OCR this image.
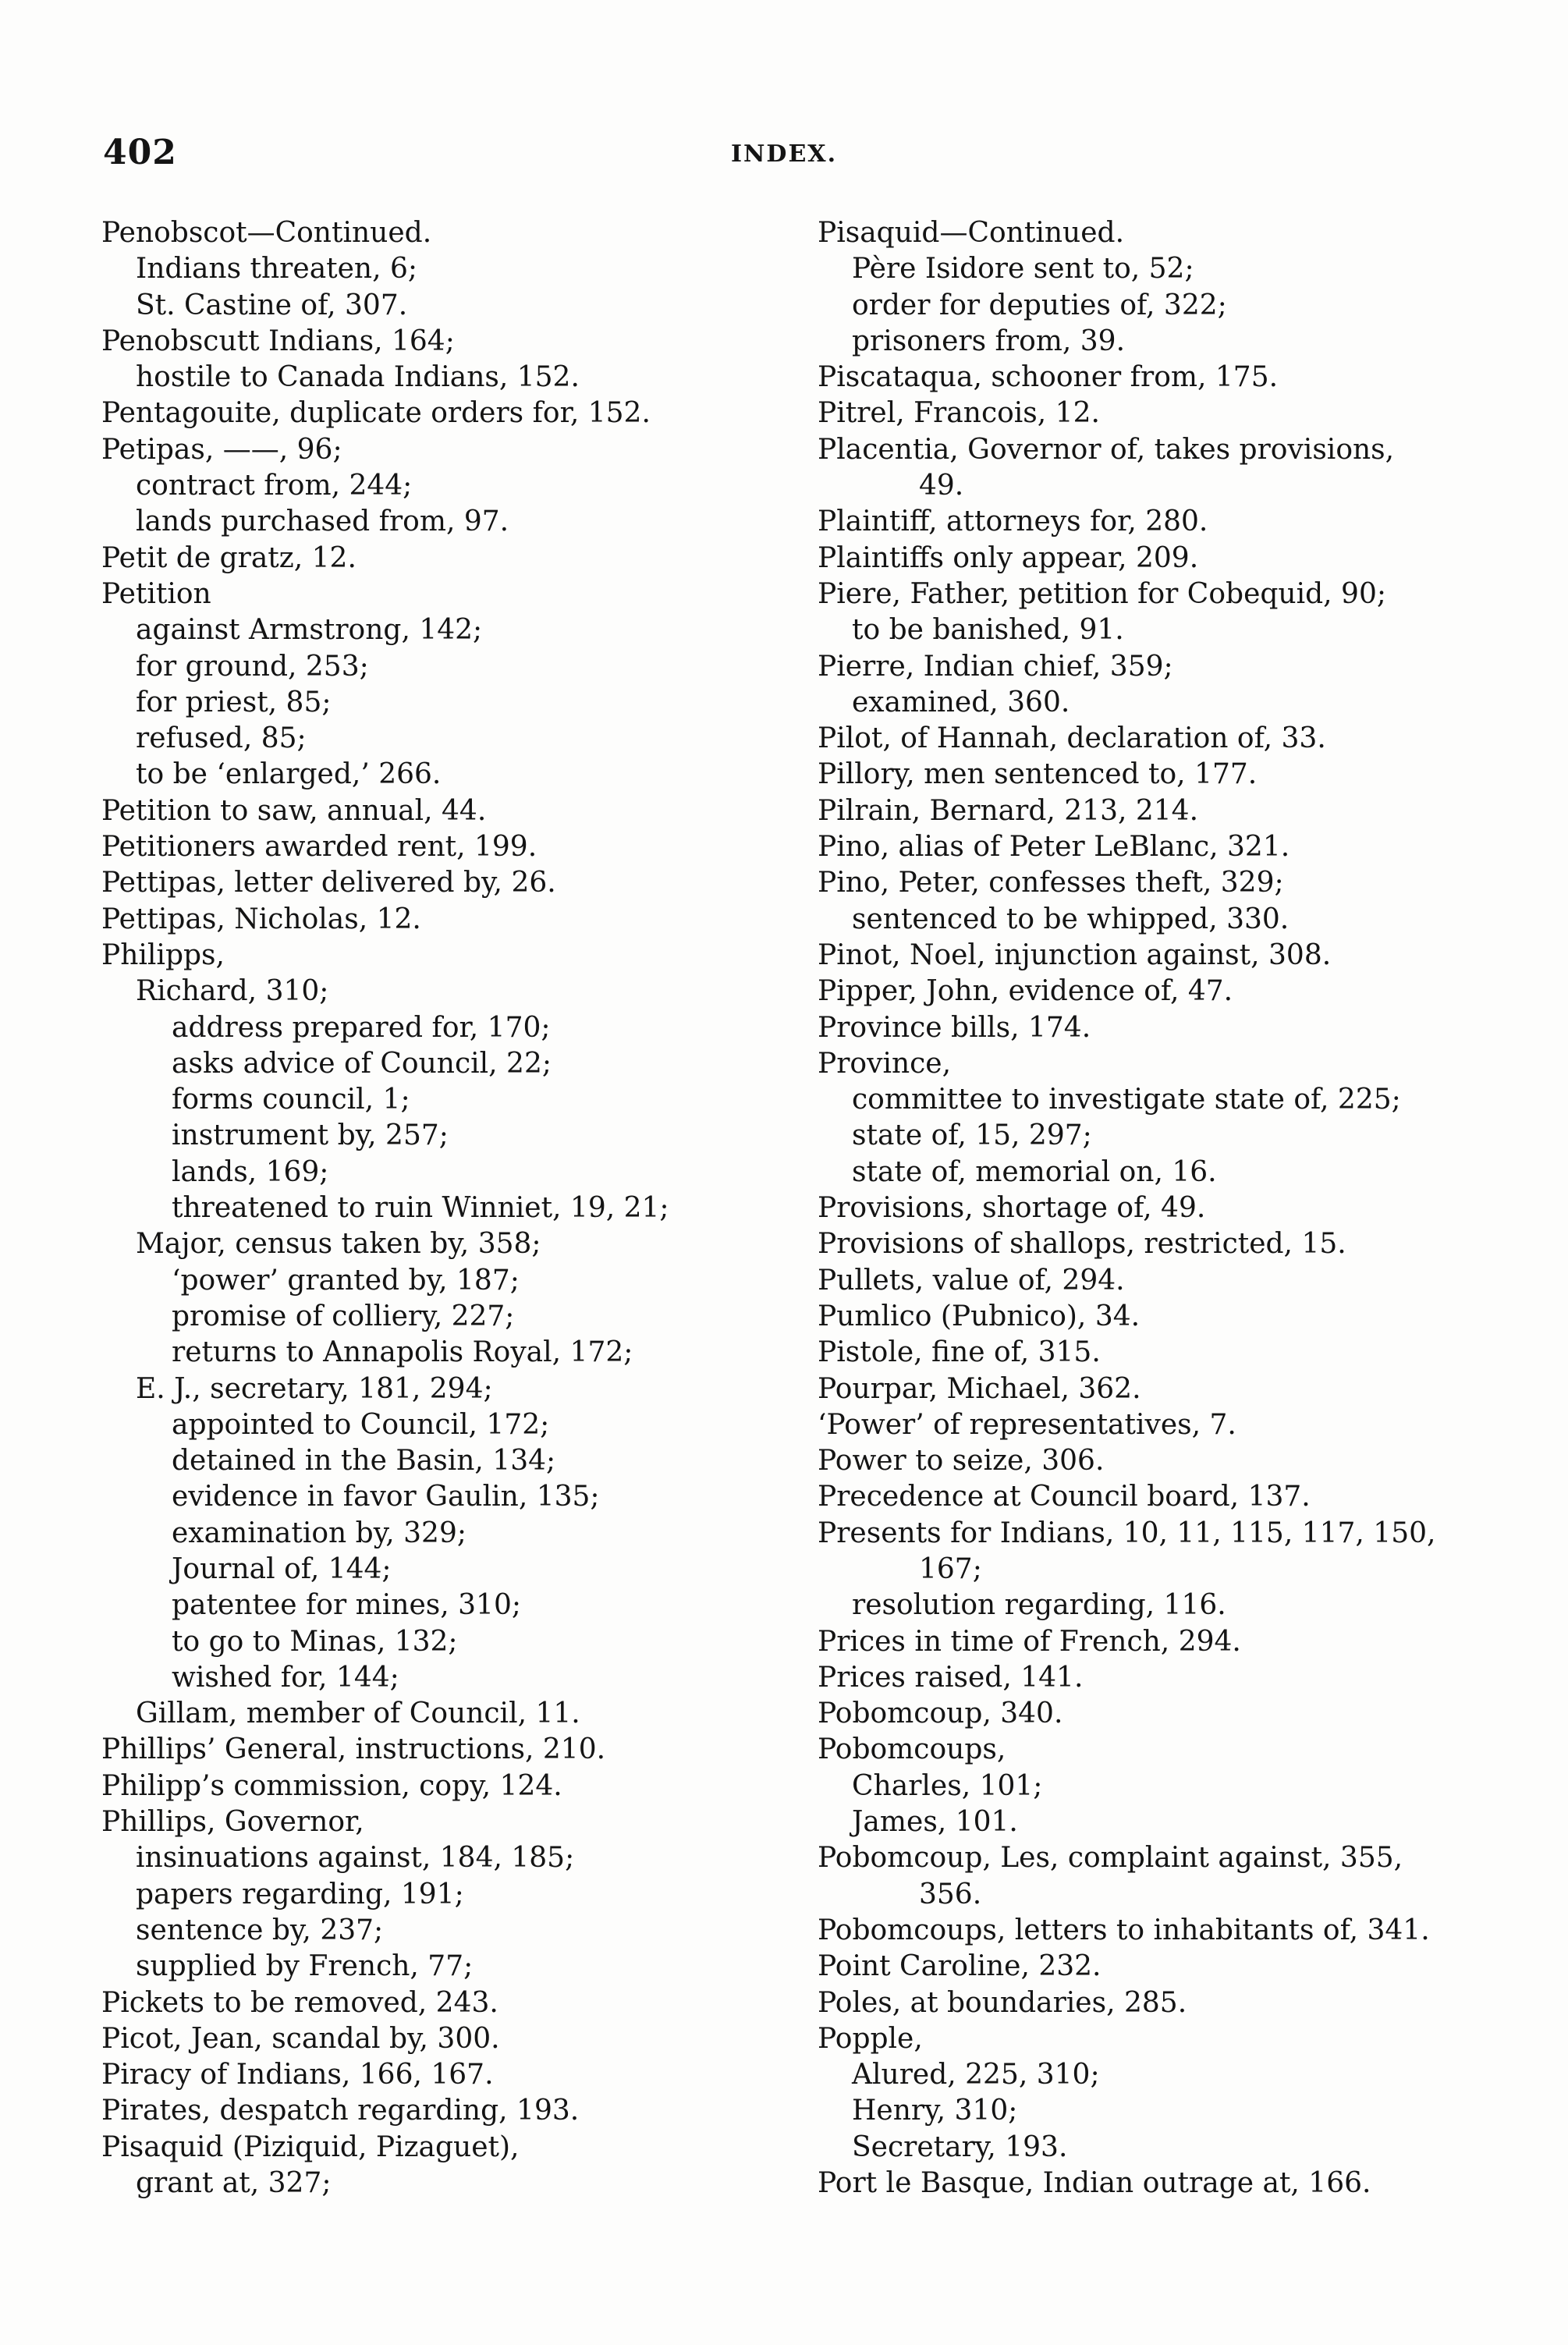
402	INDEX.
Penobscot—Continued.
Indians threaten, 6;
St. Castine of, 307.
Penobscutt Indians, 164;
hostile to Canada Indians, 152.
Pentagouite, duplicate orders for, 152.
Petipas, ——, 96;
contract from, 244;
lands purchased from, 97.
Petit de gratz, 12.
Petition
against Armstrong, 142;
for ground, 253;
for priest, 85;
refused, 85;
to be ‘enlarged,’ 266.
Petition to saw, annual, 44.
Petitioners awarded rent, 199.
Pettipas, letter delivered by, 26.
Pettipas, Nicholas, 12.
Philipps,
Richard, 310;
address prepared for, 170;
asks advice of Council, 22;
forms council, 1;
instrument by, 257;
lands, 169;
threatened to ruin Winniet, 19, 21;
Major, census taken by, 358;
‘power’ granted by, 187;
promise of colliery, 227;
returns to Annapolis Royal, 172;
E. J., secretary, 181, 294;
appointed to Council, 172;
detained in the Basin, 134;
evidence in favor Gaulin, 135;
examination by, 329;
Journal of, 144;
patentee for mines, 310;
to go to Minas, 132;
wished for, 144;
Gillam, member of Council, 11.
Phillips’ General, instructions, 210.
Philipp’s commission, copy, 124.
Phillips, Governor,
insinuations against, 184, 185;
papers regarding, 191;
sentence by, 237;
supplied by French, 77;
Pickets to be removed, 243.
Picot, Jean, scandal by, 300.
Piracy of Indians, 166, 167.
Pirates, despatch regarding, 193.
Pisaquid (Piziquid, Pizaguet),
grant at, 327;
Pisaquid—Continued.
Père Isidore sent to, 52;
order for deputies of, 322;
prisoners from, 39.
Piscataqua, schooner from, 175.
Pitrel, Francois, 12.
Placentia, Governor of, takes provisions,
49.
Plaintiff, attorneys for, 280.
Plaintiffs only appear, 209.
Piere, Father, petition for Cobequid, 90;
to be banished, 91.
Pierre, Indian chief, 359;
examined, 360.
Pilot, of Hannah, declaration of, 33.
Pillory, men sentenced to, 177.
Pilrain, Bernard, 213, 214.
Pino, alias of Peter LeBlanc, 321.
Pino, Peter, confesses theft, 329;
sentenced to be whipped, 330.
Pinot, Noel, injunction against, 308.
Pipper, John, evidence of, 47.
Province bills, 174.
Province,
committee to investigate state of, 225;
state of, 15, 297;
state of, memorial on, 16.
Provisions, shortage of, 49.
Provisions of shallops, restricted, 15.
Pullets, value of, 294.
Pumlico (Pubnico), 34.
Pistole, fine of, 315.
Pourpar, Michael, 362.
‘Power’ of representatives, 7.
Power to seize, 306.
Precedence at Council board, 137.
Presents for Indians, 10, 11, 115, 117, 150,
167;
resolution regarding, 116.
Prices in time of French, 294.
Prices raised, 141.
Pobomcoup, 340.
Pobomcoups,
Charles, 101;
James, 101.
Pobomcoup, Les, complaint against, 355,
356.
Pobomcoups, letters to inhabitants of, 341.
Point Caroline, 232.
Poles, at boundaries, 285.
Popple,
Alured, 225, 310;
Henry, 310;
Secretary, 193.
Port le Basque, Indian outrage at, 166.
